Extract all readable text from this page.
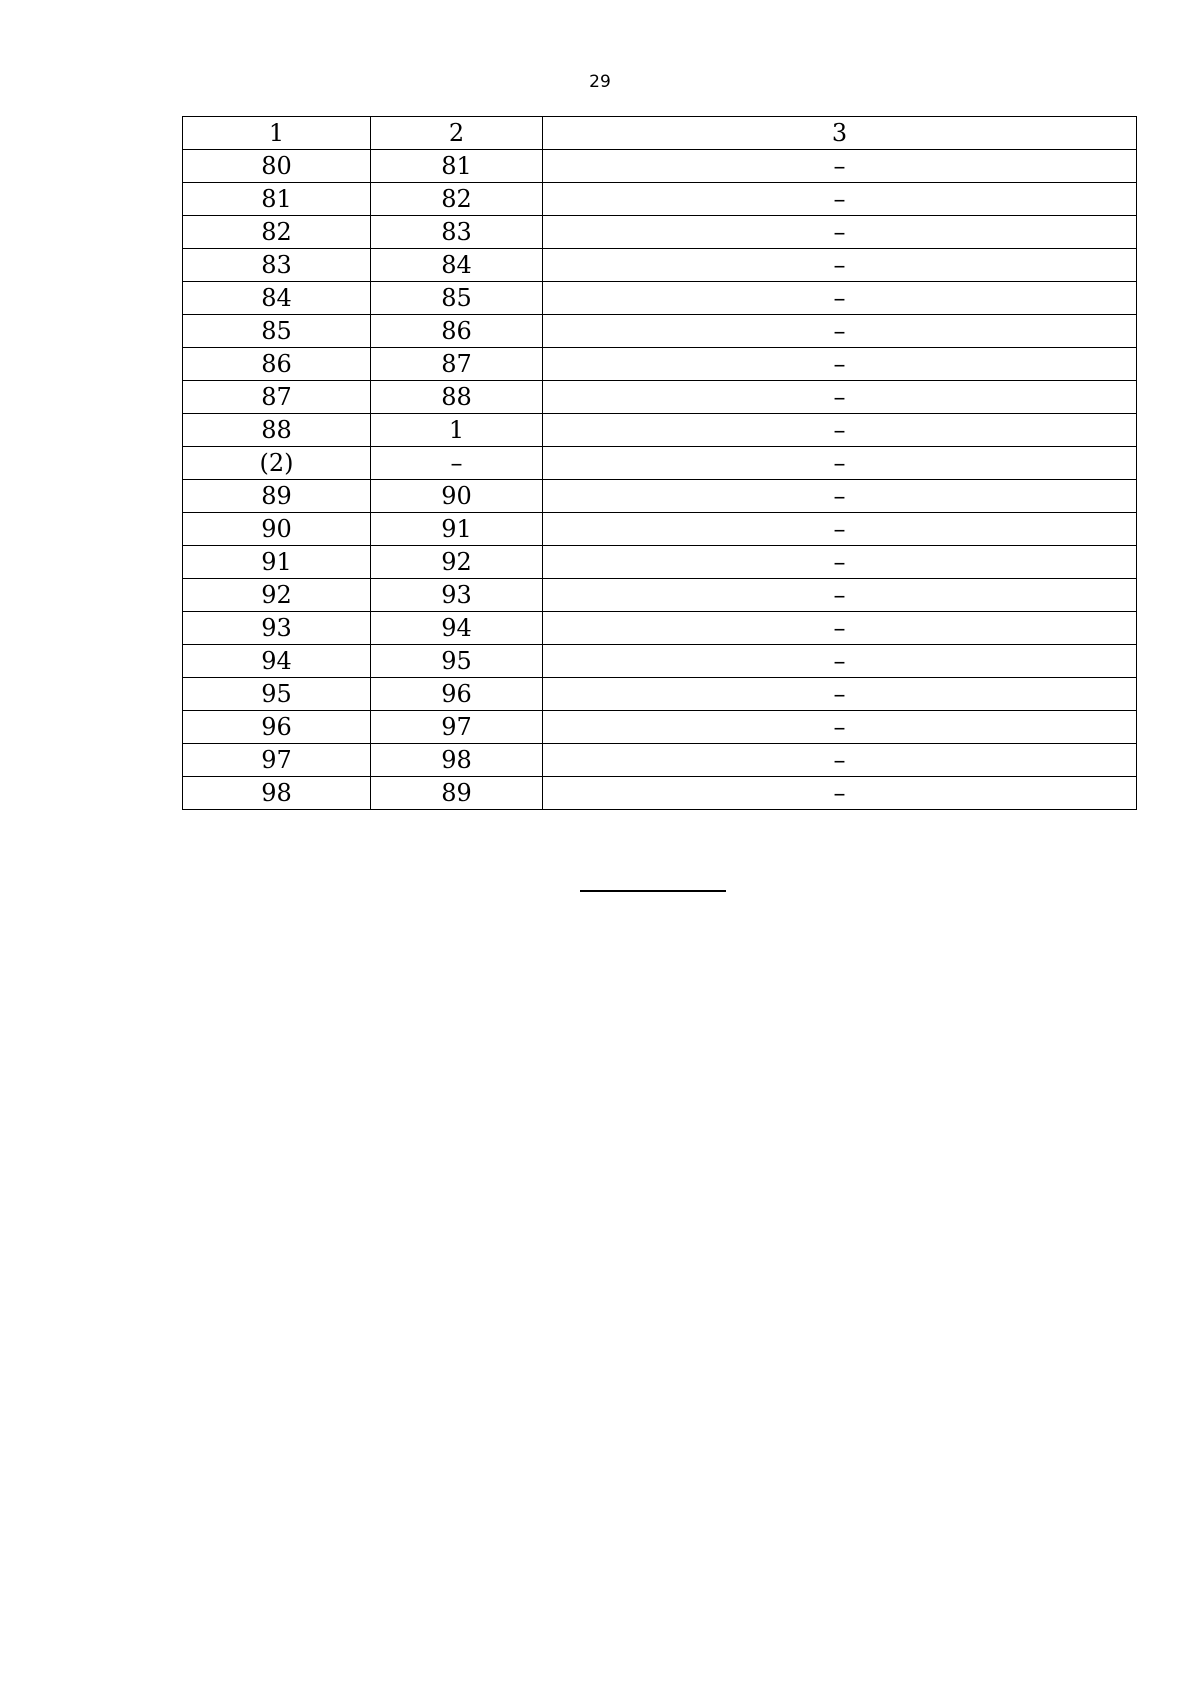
29
1	2	3
80	81	–
81	82	–
82	83	–
83	84	–
84	85	–
85	86	–
86	87	–
87	88	–
88	1	–
(2)	–	–
89	90	–
90	91	–
91	92	–
92	93	–
93	94	–
94	95	–
95	96	–
96	97	–
97	98	–
98	89	–
